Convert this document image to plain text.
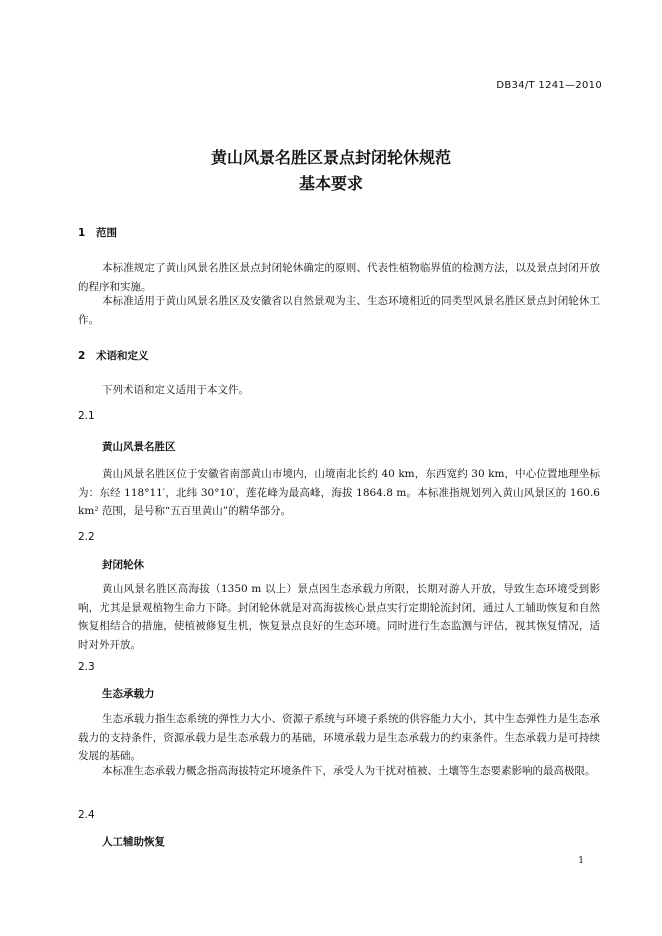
DB34/T 1241—2010
黄山风景名胜区景点封闭轮休规范
基本要求
1 范围

本标准规定了黄山风景名胜区景点封闭轮休确定的原则、代表性植物临界值的检测方法，以及景点封闭开放的程序和实施。

本标准适用于黄山风景名胜区及安徽省以自然景观为主、生态环境相近的同类型风景名胜区景点封闭轮休工作。

2 术语和定义

下列术语和定义适用于本文件。

2.1
黄山风景名胜区

黄山风景名胜区位于安徽省南部黄山市境内，山境南北长约 40 km，东西宽约 30 km，中心位置地理坐标为：东经 118°11′，北纬 30°10′，莲花峰为最高峰，海拔 1864.8 m。本标准指规划列入黄山风景区的 160.6 km² 范围，是号称“五百里黄山”的精华部分。

2.2
封闭轮休

黄山风景名胜区高海拔（1350 m 以上）景点因生态承载力所限，长期对游人开放，导致生态环境受到影响，尤其是景观植物生命力下降。封闭轮休就是对高海拔核心景点实行定期轮流封闭，通过人工辅助恢复和自然恢复相结合的措施，使植被修复生机，恢复景点良好的生态环境。同时进行生态监测与评估，视其恢复情况，适时对外开放。

2.3
生态承载力

生态承载力指生态系统的弹性力大小、资源子系统与环境子系统的供容能力大小，其中生态弹性力是生态承载力的支持条件，资源承载力是生态承载力的基础，环境承载力是生态承载力的约束条件。生态承载力是可持续发展的基础。

本标准生态承载力概念指高海拔特定环境条件下，承受人为干扰对植被、土壤等生态要素影响的最高极限。

2.4
人工辅助恢复
1
